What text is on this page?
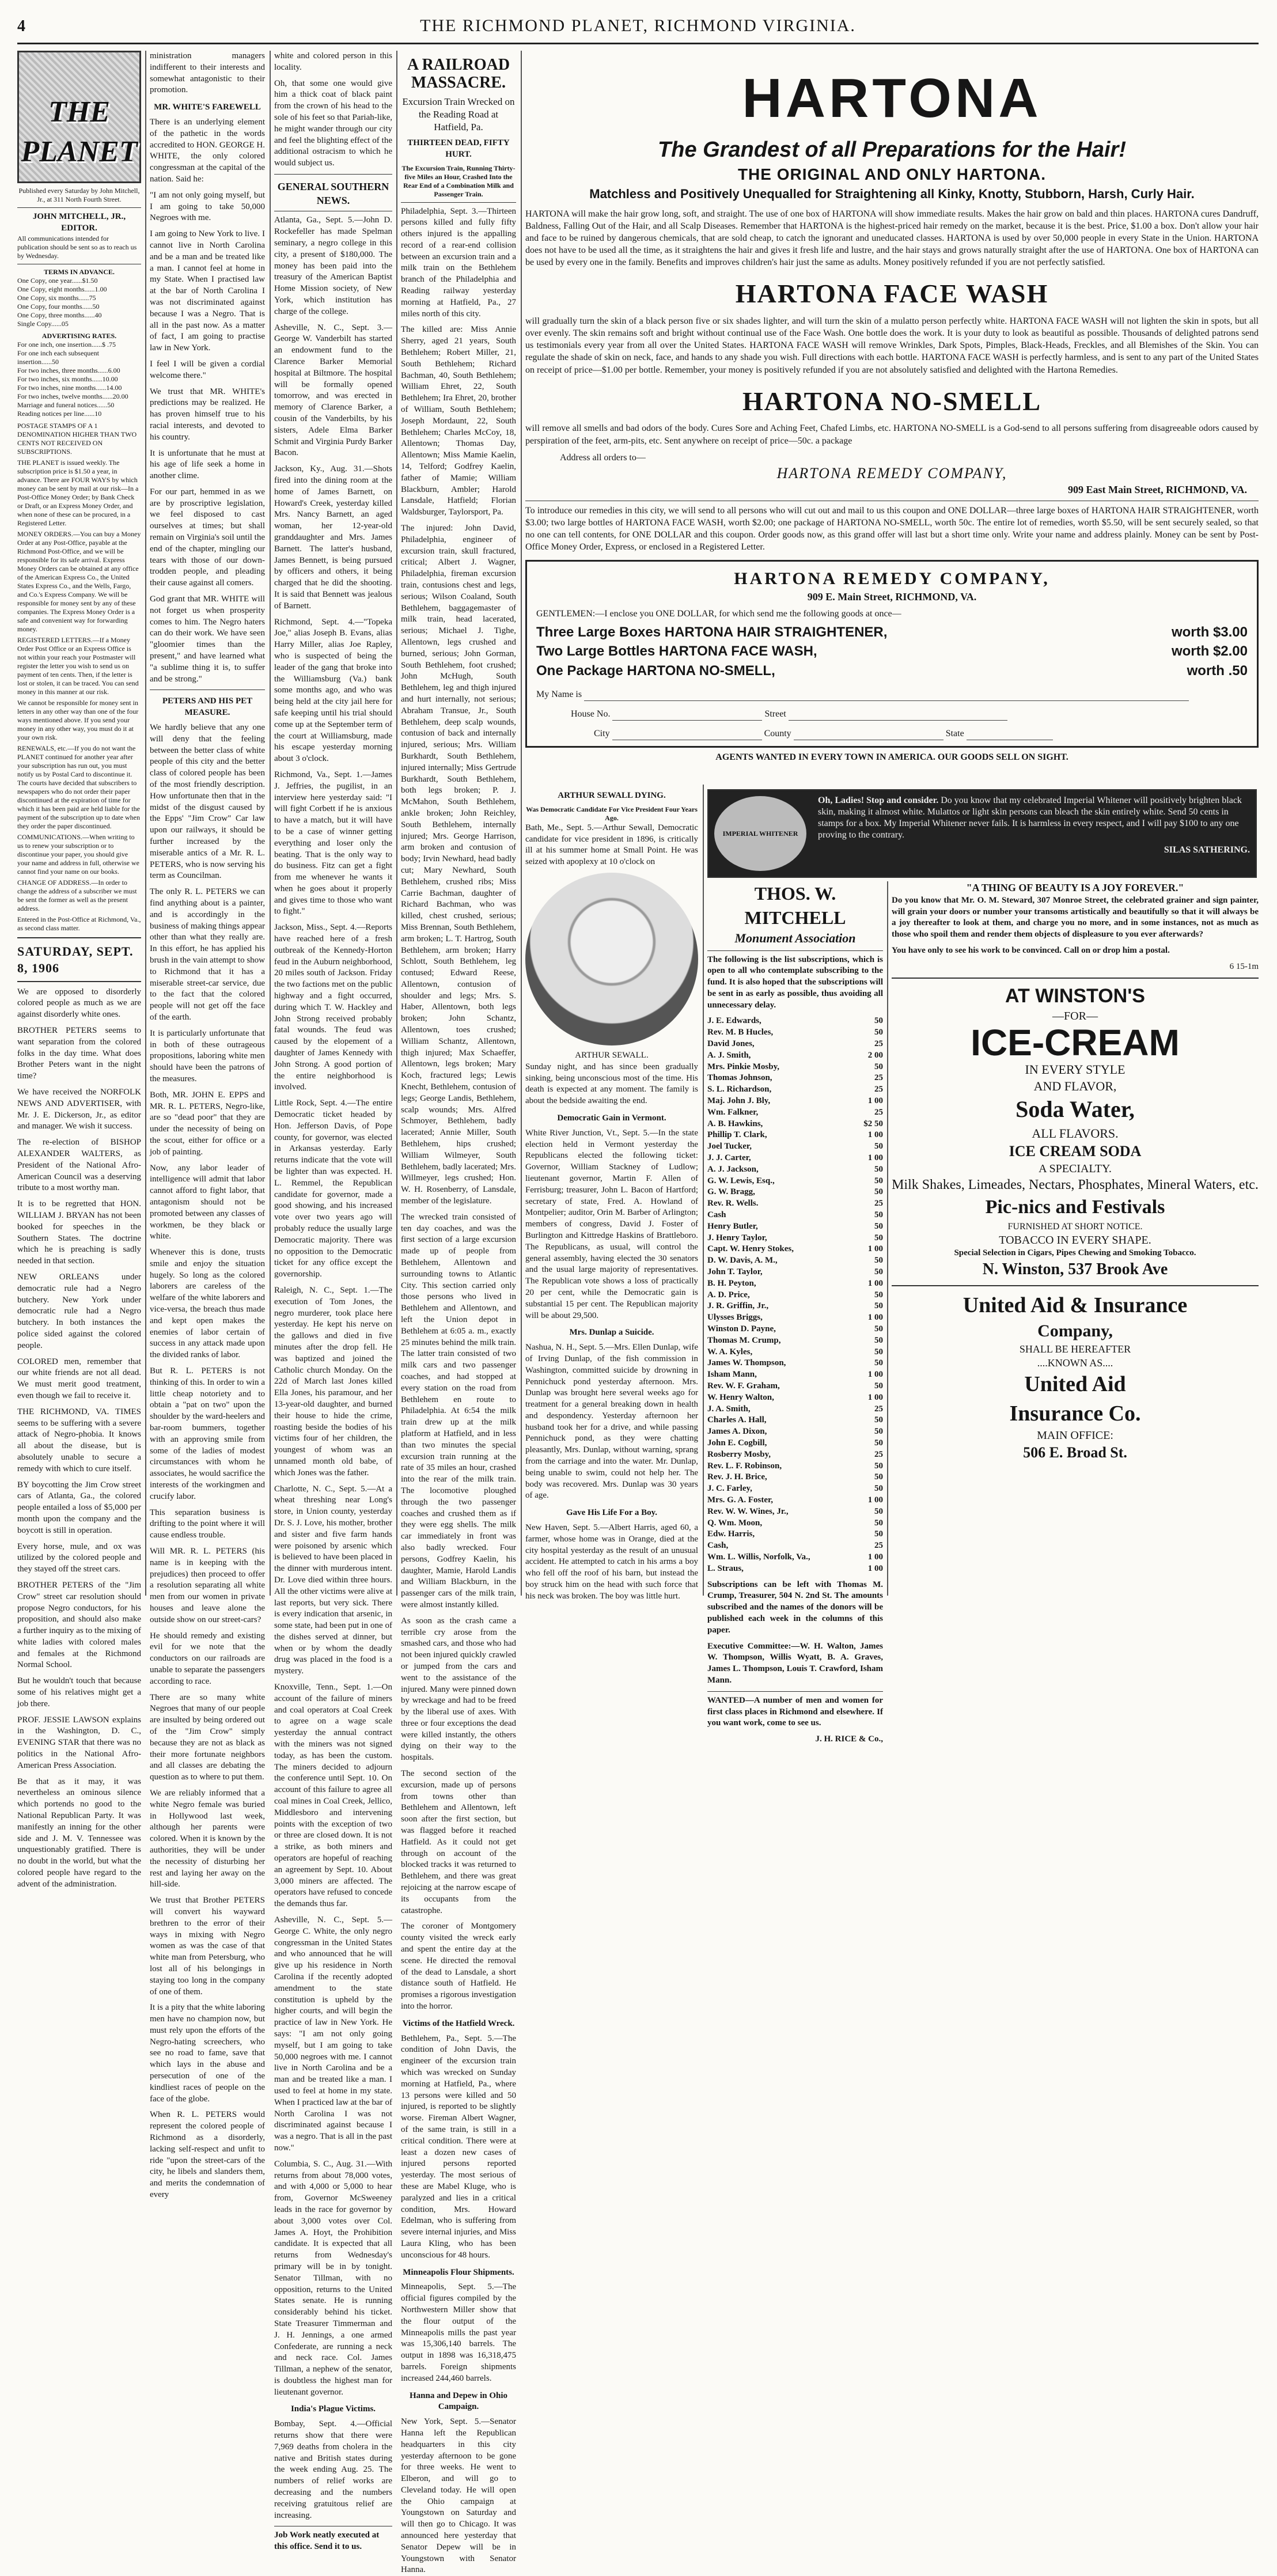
4	THE RICHMOND PLANET, RICHMOND VIRGINIA.
THE PLANET
Published every Saturday by John Mitchell, Jr., at 311 North Fourth Street.
JOHN MITCHELL, JR., EDITOR.
All communications intended for publication should be sent so as to reach us by Wednesday.
TERMS IN ADVANCE.
One Copy, one year......$1.50
One Copy, eight months......1.00
One Copy, six months......75
One Copy, four months......50
One Copy, three months......40
Single Copy......05
ADVERTISING RATES.
For one inch, one insertion......$ .75
For one inch each subsequent insertion......50
For two inches, three months......6.00
For two inches, six months......10.00
For two inches, nine months......14.00
For two inches, twelve months......20.00
Marriage and funeral notices......50
Reading notices per line......10
POSTAGE STAMPS OF A 1 DENOMINATION HIGHER THAN TWO CENTS NOT RECEIVED ON SUBSCRIPTIONS.
THE PLANET is issued weekly. The subscription price is $1.50 a year, in advance. There are FOUR WAYS by which money can be sent by mail at our risk—In a Post-Office Money Order; by Bank Check or Draft, or an Express Money Order, and when none of these can be procured, in a Registered Letter.
MONEY ORDERS.—You can buy a Money Order at any Post-Office, payable at the Richmond Post-Office, and we will be responsible for its safe arrival. Express Money Orders can be obtained at any office of the American Express Co., the United States Express Co., and the Wells, Fargo, and Co.'s Express Company. We will be responsible for money sent by any of these companies. The Express Money Order is a safe and convenient way for forwarding money.
REGISTERED LETTERS.—If a Money Order Post Office or an Express Office is not within your reach your Postmaster will register the letter you wish to send us on payment of ten cents. Then, if the letter is lost or stolen, it can be traced. You can send money in this manner at our risk.
We cannot be responsible for money sent in letters in any other way than one of the four ways mentioned above. If you send your money in any other way, you must do it at your own risk.
RENEWALS, etc.—If you do not want the PLANET continued for another year after your subscription has run out, you must notify us by Postal Card to discontinue it. The courts have decided that subscribers to newspapers who do not order their paper discontinued at the expiration of time for which it has been paid are held liable for the payment of the subscription up to date when they order the paper discontinued.
COMMUNICATIONS.—When writing to us to renew your subscription or to discontinue your paper, you should give your name and address in full, otherwise we cannot find your name on our books.
CHANGE OF ADDRESS.—In order to change the address of a subscriber we must be sent the former as well as the present address.
Entered in the Post-Office at Richmond, Va., as second class matter.
SATURDAY, SEPT. 8, 1906

We are opposed to disorderly colored people as much as we are against disorderly white ones.

BROTHER PETERS seems to want separation from the colored folks in the day time. What does Brother Peters want in the night time?

We have received the NORFOLK NEWS AND ADVERTISER, with Mr. J. E. Dickerson, Jr., as editor and manager. We wish it success.

The re-election of BISHOP ALEXANDER WALTERS, as President of the National Afro-American Council was a deserving tribute to a most worthy man.

It is to be regretted that HON. WILLIAM J. BRYAN has not been booked for speeches in the Southern States. The doctrine which he is preaching is sadly needed in that section.

NEW ORLEANS under democratic rule had a Negro butchery. New York under democratic rule had a Negro butchery. In both instances the police sided against the colored people.

COLORED men, remember that our white friends are not all dead. We must merit good treatment, even though we fail to receive it.

THE RICHMOND, VA. TIMES seems to be suffering with a severe attack of Negro-phobia. It knows all about the disease, but is absolutely unable to secure a remedy with which to cure itself.

BY boycotting the Jim Crow street cars of Atlanta, Ga., the colored people entailed a loss of $5,000 per month upon the company and the boycott is still in operation.

Every horse, mule, and ox was utilized by the colored people and they stayed off the street cars.

BROTHER PETERS of the "Jim Crow" street car resolution should propose Negro conductors, for his proposition, and should also make a further inquiry as to the mixing of white ladies with colored males and females at the Richmond Normal School.

But he wouldn't touch that because some of his relatives might get a job there.

PROF. JESSIE LAWSON explains in the Washington, D. C., EVENING STAR that there was no politics in the National Afro-American Press Association.

Be that as it may, it was nevertheless an ominous silence which portends no good to the National Republican Party. It was manifestly an inning for the other side and J. M. V. Tennessee was unquestionably gratified. There is no doubt in the world, but what the colored people have regard to the advent of the administration.

ministration managers indifferent to their interests and somewhat antagonistic to their promotion.

MR. WHITE'S FAREWELL

There is an underlying element of the pathetic in the words accredited to HON. GEORGE H. WHITE, the only colored congressman at the capital of the nation. Said he:

"I am not only going myself, but I am going to take 50,000 Negroes with me.

I am going to New York to live. I cannot live in North Carolina and be a man and be treated like a man. I cannot feel at home in my State. When I practised law at the bar of North Carolina I was not discriminated against because I was a Negro. That is all in the past now. As a matter of fact, I am going to practise law in New York.

I feel I will be given a cordial welcome there."

We trust that MR. WHITE's predictions may be realized. He has proven himself true to his racial interests, and devoted to his country.

It is unfortunate that he must at his age of life seek a home in another clime.

For our part, hemmed in as we are by proscriptive legislation, we feel disposed to cast ourselves at times; but shall remain on Virginia's soil until the end of the chapter, mingling our tears with those of our down-trodden people, and pleading their cause against all comers.

God grant that MR. WHITE will not forget us when prosperity comes to him. The Negro haters can do their work. We have seen "gloomier times than the present," and have learned what "a sublime thing it is, to suffer and be strong."

PETERS AND HIS PET MEASURE.

We hardly believe that any one will deny that the feeling between the better class of white people of this city and the better class of colored people has been of the most friendly description. How unfortunate then that in the midst of the disgust caused by the Epps' "Jim Crow" Car law upon our railways, it should be further increased by the miserable antics of a Mr. R. L. PETERS, who is now serving his term as Councilman.

The only R. L. PETERS we can find anything about is a painter, and is accordingly in the business of making things appear other than what they really are. In this effort, he has applied his brush in the vain attempt to show to Richmond that it has a miserable street-car service, due to the fact that the colored people will not get off the face of the earth.

It is particularly unfortunate that in both of these outrageous propositions, laboring white men should have been the patrons of the measures.

Both, MR. JOHN E. EPPS and MR. R. L. PETERS, Negro-like, are so "dead poor" that they are under the necessity of being on the scout, either for office or a job of painting.

Now, any labor leader of intelligence will admit that labor cannot afford to fight labor, that antagonism should not be promoted between any classes of workmen, be they black or white.

Whenever this is done, trusts smile and enjoy the situation hugely. So long as the colored laborers are careless of the welfare of the white laborers and vice-versa, the breach thus made and kept open makes the enemies of labor certain of success in any attack made upon the divided ranks of labor.

But R. L. PETERS is not thinking of this. In order to win a little cheap notoriety and to obtain a "pat on two" upon the shoulder by the ward-heelers and bar-room bummers, together with an approving smile from some of the ladies of modest circumstances with whom he associates, he would sacrifice the interests of the workingmen and crucify labor.

This separation business is drifting to the point where it will cause endless trouble.

Will MR. R. L. PETERS (his name is in keeping with the prejudices) then proceed to offer a resolution separating all white men from our women in private houses and leave alone the outside show on our street-cars?

He should remedy and existing evil for we note that the conductors on our railroads are unable to separate the passengers according to race.

There are so many white Negroes that many of our people are insulted by being ordered out of the "Jim Crow" simply because they are not as black as their more fortunate neighbors and all classes are debating the question as to where to put them.

We are reliably informed that a white Negro female was buried in Hollywood last week, although her parents were colored. When it is known by the authorities, they will be under the necessity of disturbing her rest and laying her away on the hill-side.

We trust that Brother PETERS will convert his wayward brethren to the error of their ways in mixing with Negro women as was the case of that white man from Petersburg, who lost all of his belongings in staying too long in the company of one of them.

It is a pity that the white laboring men have no champion now, but must rely upon the efforts of the Negro-hating screechers, who see no road to fame, save that which lays in the abuse and persecution of one of the kindliest races of people on the face of the globe.

When R. L. PETERS would represent the colored people of Richmond as a disorderly, lacking self-respect and unfit to ride "upon the street-cars of the city, he libels and slanders them, and merits the condemnation of every

white and colored person in this locality.

Oh, that some one would give him a thick coat of black paint from the crown of his head to the sole of his feet so that Pariah-like, he might wander through our city and feel the blighting effect of the additional ostracism to which he would subject us.

GENERAL SOUTHERN NEWS.

Atlanta, Ga., Sept. 5.—John D. Rockefeller has made Spelman seminary, a negro college in this city, a present of $180,000. The money has been paid into the treasury of the American Baptist Home Mission society, of New York, which institution has charge of the college.

Asheville, N. C., Sept. 3.—George W. Vanderbilt has started an endowment fund to the Clarence Barker Memorial hospital at Biltmore. The hospital will be formally opened tomorrow, and was erected in memory of Clarence Barker, a cousin of the Vanderbilts, by his sisters, Adele Elma Barker Schmit and Virginia Purdy Barker Bacon.

Jackson, Ky., Aug. 31.—Shots fired into the dining room at the home of James Barnett, on Howard's Creek, yesterday killed Mrs. Nancy Barnett, an aged woman, her 12-year-old granddaughter and Mrs. James Barnett. The latter's husband, James Bennett, is being pursued by officers and others, it being charged that he did the shooting. It is said that Bennett was jealous of Barnett.

Richmond, Sept. 4.—"Topeka Joe," alias Joseph B. Evans, alias Harry Miller, alias Joe Rapley, who is suspected of being the leader of the gang that broke into the Williamsburg (Va.) bank some months ago, and who was being held at the city jail here for safe keeping until his trial should come up at the September term of the court at Williamsburg, made his escape yesterday morning about 3 o'clock.

Richmond, Va., Sept. 1.—James J. Jeffries, the pugilist, in an interview here yesterday said: "I will fight Corbett if he is anxious to have a match, but it will have to be a case of winner getting everything and loser only the beating. That is the only way to do business. Fitz can get a fight from me whenever he wants it when he goes about it properly and gives time to those who want to fight."

Jackson, Miss., Sept. 4.—Reports have reached here of a fresh outbreak of the Kennedy-Horton feud in the Auburn neighborhood, 20 miles south of Jackson. Friday the two factions met on the public highway and a fight occurred, during which T. W. Hackley and John Strong received probably fatal wounds. The feud was caused by the elopement of a daughter of James Kennedy with John Strong. A good portion of the entire neighborhood is involved.

Little Rock, Sept. 4.—The entire Democratic ticket headed by Hon. Jefferson Davis, of Pope county, for governor, was elected in Arkansas yesterday. Early returns indicate that the vote will be lighter than was expected. H. L. Remmel, the Republican candidate for governor, made a good showing, and his increased vote over two years ago will probably reduce the usually large Democratic majority. There was no opposition to the Democratic ticket for any office except the governorship.

Raleigh, N. C., Sept. 1.—The execution of Tom Jones, the negro murderer, took place here yesterday. He kept his nerve on the gallows and died in five minutes after the drop fell. He was baptized and joined the Catholic church Monday. On the 22d of March last Jones killed Ella Jones, his paramour, and her 13-year-old daughter, and burned their house to hide the crime, roasting beside the bodies of his victims four of her children, the youngest of whom was an unnamed month old babe, of which Jones was the father.

Charlotte, N. C., Sept. 5.—At a wheat threshing near Long's store, in Union county, yesterday Dr. S. J. Love, his mother, brother and sister and five farm hands were poisoned by arsenic which is believed to have been placed in the dinner with murderous intent. Dr. Love died within three hours. All the other victims were alive at last reports, but very sick. There is every indication that arsenic, in some state, had been put in one of the dishes served at dinner, but when or by whom the deadly drug was placed in the food is a mystery.

Knoxville, Tenn., Sept. 1.—On account of the failure of miners and coal operators at Coal Creek to agree on a wage scale yesterday the annual contract with the miners was not signed today, as has been the custom. The miners decided to adjourn the conference until Sept. 10. On account of this failure to agree all coal mines in Coal Creek, Jellico, Middlesboro and intervening points with the exception of two or three are closed down. It is not a strike, as both miners and operators are hopeful of reaching an agreement by Sept. 10. About 3,000 miners are affected. The operators have refused to concede the demands thus far.

Asheville, N. C., Sept. 5.—George C. White, the only negro congressman in the United States and who announced that he will give up his residence in North Carolina if the recently adopted amendment to the state constitution is upheld by the higher courts, and will begin the practice of law in New York. He says: "I am not only going myself, but I am going to take 50,000 negroes with me. I cannot live in North Carolina and be a man and be treated like a man. I used to feel at home in my state. When I practiced law at the bar of North Carolina I was not discriminated against because I was a negro. That is all in the past now."

Columbia, S. C., Aug. 31.—With returns from about 78,000 votes, and with 4,000 or 5,000 to hear from, Governor McSweeney leads in the race for governor by about 3,000 votes over Col. James A. Hoyt, the Prohibition candidate. It is expected that all returns from Wednesday's primary will be in by tonight. Senator Tillman, with no opposition, returns to the United States senate. He is running considerably behind his ticket. State Treasurer Timmerman and J. H. Jennings, a one armed Confederate, are running a neck and neck race. Col. James Tillman, a nephew of the senator, is doubtless the highest man for lieutenant governor.

India's Plague Victims.

Bombay, Sept. 4.—Official returns show that there were 7,969 deaths from cholera in the native and British states during the week ending Aug. 25. The numbers of relief works are decreasing and the numbers receiving gratuitous relief are increasing.

Job Work neatly executed at this office. Send it to us.
A RAILROAD MASSACRE.
Excursion Train Wrecked on the Reading Road at Hatfield, Pa.
THIRTEEN DEAD, FIFTY HURT.
The Excursion Train, Running Thirty-five Miles an Hour, Crashed Into the Rear End of a Combination Milk and Passenger Train.

Philadelphia, Sept. 3.—Thirteen persons killed and fully fifty others injured is the appalling record of a rear-end collision between an excursion train and a milk train on the Bethlehem branch of the Philadelphia and Reading railway yesterday morning at Hatfield, Pa., 27 miles north of this city.

The killed are: Miss Annie Sherry, aged 21 years, South Bethlehem; Robert Miller, 21, South Bethlehem; Richard Bachman, 40, South Bethlehem; William Ehret, 22, South Bethlehem; Ira Ehret, 20, brother of William, South Bethlehem; Joseph Mordaunt, 22, South Bethlehem; Charles McCoy, 18, Allentown; Thomas Day, Allentown; Miss Mamie Kaelin, 14, Telford; Godfrey Kaelin, father of Mamie; William Blackburn, Ambler; Harold Lansdale, Hatfield; Florian Waldsburger, Taylorsport, Pa.

The injured: John David, Philadelphia, engineer of excursion train, skull fractured, critical; Albert J. Wagner, Philadelphia, fireman excursion train, contusions chest and legs, serious; Wilson Coaland, South Bethlehem, baggagemaster of milk train, head lacerated, serious; Michael J. Tighe, Allentown, legs crushed and burned, serious; John Gorman, South Bethlehem, foot crushed; John McHugh, South Bethlehem, leg and thigh injured and hurt internally, not serious; Abraham Transue, Jr., South Bethlehem, deep scalp wounds, contusion of back and internally injured, serious; Mrs. William Burkhardt, South Bethlehem, injured internally; Miss Gertrude Burkhardt, South Bethlehem, both legs broken; P. J. McMahon, South Bethlehem, ankle broken; John Reichley, South Bethlehem, internally injured; Mrs. George Harrison, arm broken and contusion of body; Irvin Newhard, head badly cut; Mary Newhard, South Bethlehem, crushed ribs; Miss Carrie Bachman, daughter of Richard Bachman, who was killed, chest crushed, serious; Miss Brennan, South Bethlehem, arm broken; L. T. Hartrog, South Bethlehem, arm broken; Harry Schlott, South Bethlehem, leg contused; Edward Reese, Allentown, contusion of shoulder and legs; Mrs. S. Haber, Allentown, both legs broken; John Schantz, Allentown, toes crushed; William Schantz, Allentown, thigh injured; Max Schaeffer, Allentown, legs broken; Mary Koch, fractured legs; Lewis Knecht, Bethlehem, contusion of legs; George Landis, Bethlehem, scalp wounds; Mrs. Alfred Schmoyer, Bethlehem, badly lacerated; Annie Miller, South Bethlehem, hips crushed; William Wilmeyer, South Bethlehem, badly lacerated; Mrs. Willmeyer, legs crushed; Hon. W. H. Rosenberry, of Lansdale, member of the legislature.

The wrecked train consisted of ten day coaches, and was the first section of a large excursion made up of people from Bethlehem, Allentown and surrounding towns to Atlantic City. This section carried only those persons who lived in Bethlehem and Allentown, and left the Union depot in Bethlehem at 6:05 a. m., exactly 25 minutes behind the milk train. The latter train consisted of two milk cars and two passenger coaches, and had stopped at every station on the road from Bethlehem en route to Philadelphia. At 6:54 the milk train drew up at the milk platform at Hatfield, and in less than two minutes the special excursion train running at the rate of 35 miles an hour, crashed into the rear of the milk train. The locomotive ploughed through the two passenger coaches and crushed them as if they were egg shells. The milk car immediately in front was also badly wrecked. Four persons, Godfrey Kaelin, his daughter, Mamie, Harold Landis and William Blackburn, in the passenger cars of the milk train, were almost instantly killed.

As soon as the crash came a terrible cry arose from the smashed cars, and those who had not been injured quickly crawled or jumped from the cars and went to the assistance of the injured. Many were pinned down by wreckage and had to be freed by the liberal use of axes. With three or four exceptions the dead were killed instantly, the others dying on their way to the hospitals.

The second section of the excursion, made up of persons from towns other than Bethlehem and Allentown, left soon after the first section, but was flagged before it reached Hatfield. As it could not get through on account of the blocked tracks it was returned to Bethlehem, and there was great rejoicing at the narrow escape of its occupants from the catastrophe.

The coroner of Montgomery county visited the wreck early and spent the entire day at the scene. He directed the removal of the dead to Lansdale, a short distance south of Hatfield. He promises a rigorous investigation into the horror.

Victims of the Hatfield Wreck.

Bethlehem, Pa., Sept. 5.—The condition of John Davis, the engineer of the excursion train which was wrecked on Sunday morning at Hatfield, Pa., where 13 persons were killed and 50 injured, is reported to be slightly worse. Fireman Albert Wagner, of the same train, is still in a critical condition. There were at least a dozen new cases of injured persons reported yesterday. The most serious of these are Mabel Kluge, who is paralyzed and lies in a critical condition, Mrs. Howard Edelman, who is suffering from severe internal injuries, and Miss Laura Kling, who has been unconscious for 48 hours.

Minneapolis Flour Shipments.

Minneapolis, Sept. 5.—The official figures compiled by the Northwestern Miller show that the flour output of the Minneapolis mills the past year was 15,306,140 barrels. The output in 1898 was 16,318,475 barrels. Foreign shipments increased 244,460 barrels.

Hanna and Depew in Ohio Campaign.

New York, Sept. 5.—Senator Hanna left the Republican headquarters in this city yesterday afternoon to be gone for three weeks. He went to Elberon, and will go to Cleveland today. He will open the Ohio campaign at Youngstown on Saturday and will then go to Chicago. It was announced here yesterday that Senator Depew will be in Youngstown with Senator Hanna.

HARTONA
The Grandest of all Preparations for the Hair!
THE ORIGINAL AND ONLY HARTONA.
Matchless and Positively Unequalled for Straightening all Kinky, Knotty, Stubborn, Harsh, Curly Hair.

HARTONA will make the hair grow long, soft, and straight. The use of one box of HARTONA will show immediate results. Makes the hair grow on bald and thin places. HARTONA cures Dandruff, Baldness, Falling Out of the Hair, and all Scalp Diseases. Remember that HARTONA is the highest-priced hair remedy on the market, because it is the best. Price, $1.00 a box. Don't allow your hair and face to be ruined by dangerous chemicals, that are sold cheap, to catch the ignorant and uneducated classes. HARTONA is used by over 50,000 people in every State in the Union. HARTONA does not have to be used all the time, as it straightens the hair and gives it fresh life and lustre, and the hair stays and grows naturally straight after the use of HARTONA. One box of HARTONA can be used by every one in the family. Benefits and improves children's hair just the same as adults. Money positively refunded if you are not perfectly satisfied.

HARTONA FACE WASH

will gradually turn the skin of a black person five or six shades lighter, and will turn the skin of a mulatto person perfectly white. HARTONA FACE WASH will not lighten the skin in spots, but all over evenly. The skin remains soft and bright without continual use of the Face Wash. One bottle does the work. It is your duty to look as beautiful as possible. Thousands of delighted patrons send us testimonials every year from all over the United States. HARTONA FACE WASH will remove Wrinkles, Dark Spots, Pimples, Black-Heads, Freckles, and all Blemishes of the Skin. You can regulate the shade of skin on neck, face, and hands to any shade you wish. Full directions with each bottle. HARTONA FACE WASH is perfectly harmless, and is sent to any part of the United States on receipt of price—$1.00 per bottle. Remember, your money is positively refunded if you are not absolutely satisfied and delighted with the Hartona Remedies.

HARTONA NO-SMELL

will remove all smells and bad odors of the body. Cures Sore and Aching Feet, Chafed Limbs, etc. HARTONA NO-SMELL is a God-send to all persons suffering from disagreeable odors caused by perspiration of the feet, arm-pits, etc. Sent anywhere on receipt of price—50c. a package

Address all orders to—
HARTONA REMEDY COMPANY,
909 East Main Street, RICHMOND, VA.

To introduce our remedies in this city, we will send to all persons who will cut out and mail to us this coupon and ONE DOLLAR—three large boxes of HARTONA HAIR STRAIGHTENER, worth $3.00; two large bottles of HARTONA FACE WASH, worth $2.00; one package of HARTONA NO-SMELL, worth 50c. The entire lot of remedies, worth $5.50, will be sent securely sealed, so that no one can tell contents, for ONE DOLLAR and this coupon. Order goods now, as this grand offer will last but a short time only. Write your name and address plainly. Money can be sent by Post-Office Money Order, Express, or enclosed in a Registered Letter.

HARTONA REMEDY COMPANY,
909 E. Main Street, RICHMOND, VA.
GENTLEMEN:—I enclose you ONE DOLLAR, for which send me the following goods at once—
Three Large Boxes HARTONA HAIR STRAIGHTENER,	worth $3.00
Two Large Bottles HARTONA FACE WASH,	worth $2.00
One Package HARTONA NO-SMELL,	worth .50
My Name is
House No.	Street
City	County	State
AGENTS WANTED IN EVERY TOWN IN AMERICA. OUR GOODS SELL ON SIGHT.
ARTHUR SEWALL DYING.
Was Democratic Candidate For Vice President Four Years Ago.

Bath, Me., Sept. 5.—Arthur Sewall, Democratic candidate for vice president in 1896, is critically ill at his summer home at Small Point. He was seized with apoplexy at 10 o'clock on

ARTHUR SEWALL.

Sunday night, and has since been gradually sinking, being unconscious most of the time. His death is expected at any moment. The family is about the bedside awaiting the end.

Democratic Gain in Vermont.

White River Junction, Vt., Sept. 5.—In the state election held in Vermont yesterday the Republicans elected the following ticket: Governor, William Stackney of Ludlow; lieutenant governor, Martin F. Allen of Ferrisburg; treasurer, John L. Bacon of Hartford; secretary of state, Fred. A. Howland of Montpelier; auditor, Orin M. Barber of Arlington; members of congress, David J. Foster of Burlington and Kittredge Haskins of Brattleboro. The Republicans, as usual, will control the general assembly, having elected the 30 senators and the usual large majority of representatives. The Republican vote shows a loss of practically 20 per cent, while the Democratic gain is substantial 15 per cent. The Republican majority will be about 29,500.

Mrs. Dunlap a Suicide.

Nashua, N. H., Sept. 5.—Mrs. Ellen Dunlap, wife of Irving Dunlap, of the fish commission in Washington, committed suicide by drowning in Pennichuck pond yesterday afternoon. Mrs. Dunlap was brought here several weeks ago for treatment for a general breaking down in health and despondency. Yesterday afternoon her husband took her for a drive, and while passing Pennichuck pond, as they were chatting pleasantly, Mrs. Dunlap, without warning, sprang from the carriage and into the water. Mr. Dunlap, being unable to swim, could not help her. The body was recovered. Mrs. Dunlap was 30 years of age.

Gave His Life For a Boy.

New Haven, Sept. 5.—Albert Harris, aged 60, a farmer, whose home was in Orange, died at the city hospital yesterday as the result of an unusual accident. He attempted to catch in his arms a boy who fell off the roof of his barn, but instead the boy struck him on the head with such force that his neck was broken. The boy was little hurt.

IMPERIAL WHITENER
Oh, Ladies! Stop and consider. Do you know that my celebrated Imperial Whitener will positively brighten black skin, making it almost white. Mulattos or light skin persons can bleach the skin entirely white. Send 50 cents in stamps for a box. My Imperial Whitener never fails. It is harmless in every respect, and I will pay $100 to any one proving to the contrary.
SILAS SATHERING.
THOS. W. MITCHELL
Monument Association

The following is the list subscriptions, which is open to all who contemplate subscribing to the fund. It is also hoped that the subscriptions will be sent in as early as possible, thus avoiding all unnecessary delay.

J. E. Edwards,	50
Rev. M. B Hucles,	50
David Jones,	25
A. J. Smith,	2 00
Mrs. Pinkie Mosby,	50
Thomas Johnson,	25
S. L. Richardson,	25
Maj. John J. Bly,	1 00
Wm. Falkner,	25
A. B. Hawkins,	$2 50
Phillip T. Clark,	1 00
Joel Tucker,	50
J. J. Carter,	1 00
A. J. Jackson,	50
G. W. Lewis, Esq.,	50
G. W. Bragg,	50
Rev. R. Wells.	25
Cash	50
Henry Butler,	50
J. Henry Taylor,	50
Capt. W. Henry Stokes,	1 00
D. W. Davis, A. M.,	50
John T. Taylor,	50
B. H. Peyton,	1 00
A. D. Price,	50
J. R. Griffin, Jr.,	50
Ulysses Briggs,	1 00
Winston D. Payne,	50
Thomas M. Crump,	50
W. A. Kyles,	50
James W. Thompson,	50
Isham Mann,	1 00
Rev. W. F. Graham,	50
W. Henry Walton,	1 00
J. A. Smith,	25
Charles A. Hall,	50
James A. Dixon,	50
John E. Cogbill,	50
Rosberry Mosby,	25
Rev. L. F. Robinson,	50
Rev. J. H. Brice,	50
J. C. Farley,	50
Mrs. G. A. Foster,	1 00
Rev. W. W. Wines, Jr.,	50
Q. Wm. Moon,	50
Edw. Harris,	50
Cash,	25
Wm. L. Willis, Norfolk, Va.,	1 00
L. Straus,	1 00

Subscriptions can be left with Thomas M. Crump, Treasurer, 504 N. 2nd St. The amounts subscribed and the names of the donors will be published each week in the columns of this paper.

Executive Committee:—W. H. Walton, James W. Thompson, Willis Wyatt, B. A. Graves, James L. Thompson, Louis T. Crawford, Isham Mann.

WANTED—A number of men and women for first class places in Richmond and elsewhere. If you want work, come to see us.

J. H. RICE & Co.,
"A THING OF BEAUTY IS A JOY FOREVER."

Do you know that Mr. O. M. Steward, 307 Monroe Street, the celebrated grainer and sign painter, will grain your doors or number your transoms artistically and beautifully so that it will always be a joy thereafter to look at them, and charge you no more, and in some instances, not as much as those who spoil them and render them objects of displeasure to you ever afterwards?

You have only to see his work to be convinced. Call on or drop him a postal.

6 15-1m
AT WINSTON'S
—FOR—
ICE-CREAM
IN EVERY STYLE
AND FLAVOR,
Soda Water,
ALL FLAVORS.
ICE CREAM SODA
A SPECIALTY.
Milk Shakes, Limeades, Nectars, Phosphates, Mineral Waters, etc.
Pic-nics and Festivals
FURNISHED AT SHORT NOTICE.
TOBACCO IN EVERY SHAPE.
Special Selection in Cigars, Pipes Chewing and Smoking Tobacco.
N. Winston, 537 Brook Ave
United Aid & Insurance
Company,
SHALL BE HEREAFTER
....KNOWN AS....
United Aid
Insurance Co.
MAIN OFFICE:
506 E. Broad St.
